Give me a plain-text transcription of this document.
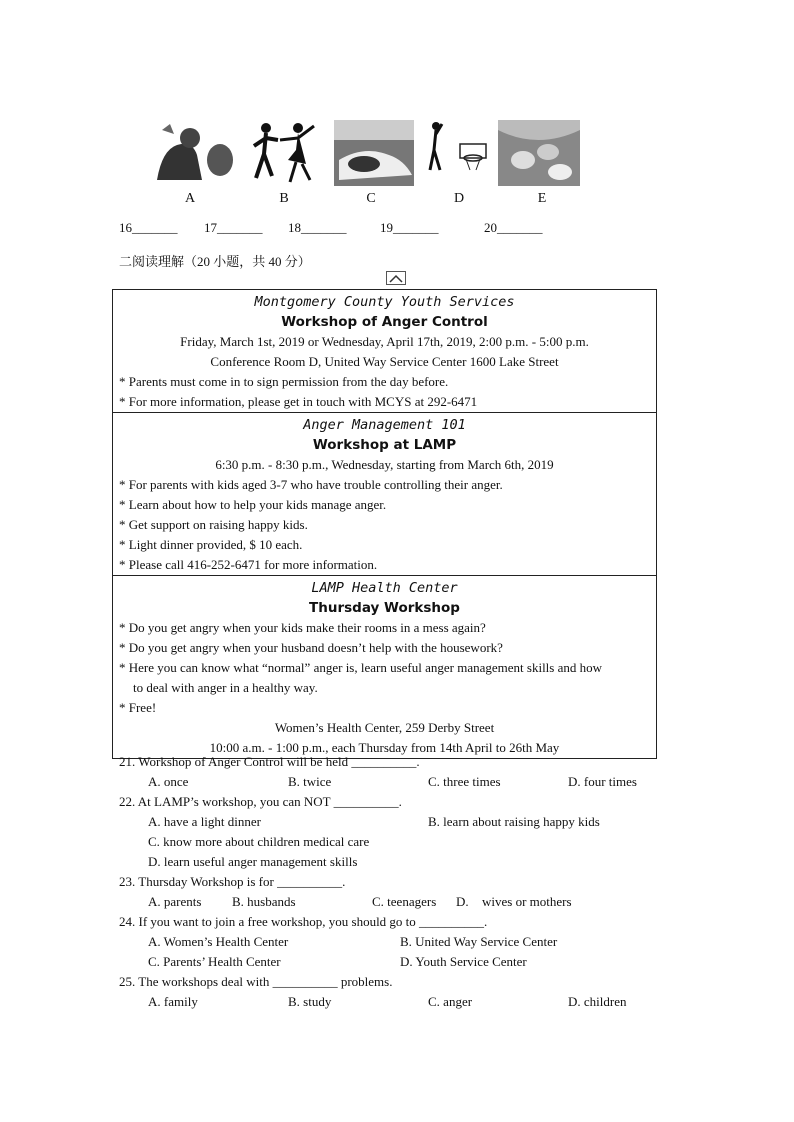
A	B	C	D	E
16_______ 17_______ 18_______	19_______	20_______
二阅读理解（20 小题，共 40 分）
Montgomery County Youth Services
Workshop of Anger Control
Friday, March 1st, 2019 or Wednesday, April 17th, 2019, 2:00 p.m. - 5:00 p.m.
Conference Room D, United Way Service Center 1600 Lake Street
* Parents must come in to sign permission from the day before.
* For more information, please get in touch with MCYS at 292-6471
Anger Management 101
Workshop at LAMP
6:30 p.m. - 8:30 p.m., Wednesday, starting from March 6th, 2019
* For parents with kids aged 3-7 who have trouble controlling their anger.
* Learn about how to help your kids manage anger.
* Get support on raising happy kids.
* Light dinner provided, $ 10 each.
* Please call 416-252-6471 for more information.
LAMP Health Center
Thursday Workshop
* Do you get angry when your kids make their rooms in a mess again?
* Do you get angry when your husband doesn’t help with the housework?
* Here you can know what “normal” anger is, learn useful anger management skills and how
to deal with anger in a healthy way.
* Free!
Women’s Health Center, 259 Derby Street
10:00 a.m. - 1:00 p.m., each Thursday from 14th April to 26th May
21. Workshop of Anger Control will be held __________.
A. once	B. twice	C. three times	D. four times
22. At LAMP’s workshop, you can NOT __________.
A. have a light dinner	B. learn about raising happy kids
C. know more about children medical care
D. learn useful anger management skills
23. Thursday Workshop is for __________.
A. parents B. husbands	C. teenagers D. wives or mothers
24. If you want to join a free workshop, you should go to __________.
A. Women’s Health Center	B. United Way Service Center
C. Parents’ Health Center	D. Youth Service Center
25. The workshops deal with __________ problems.
A. family	B. study	C. anger	D. children
